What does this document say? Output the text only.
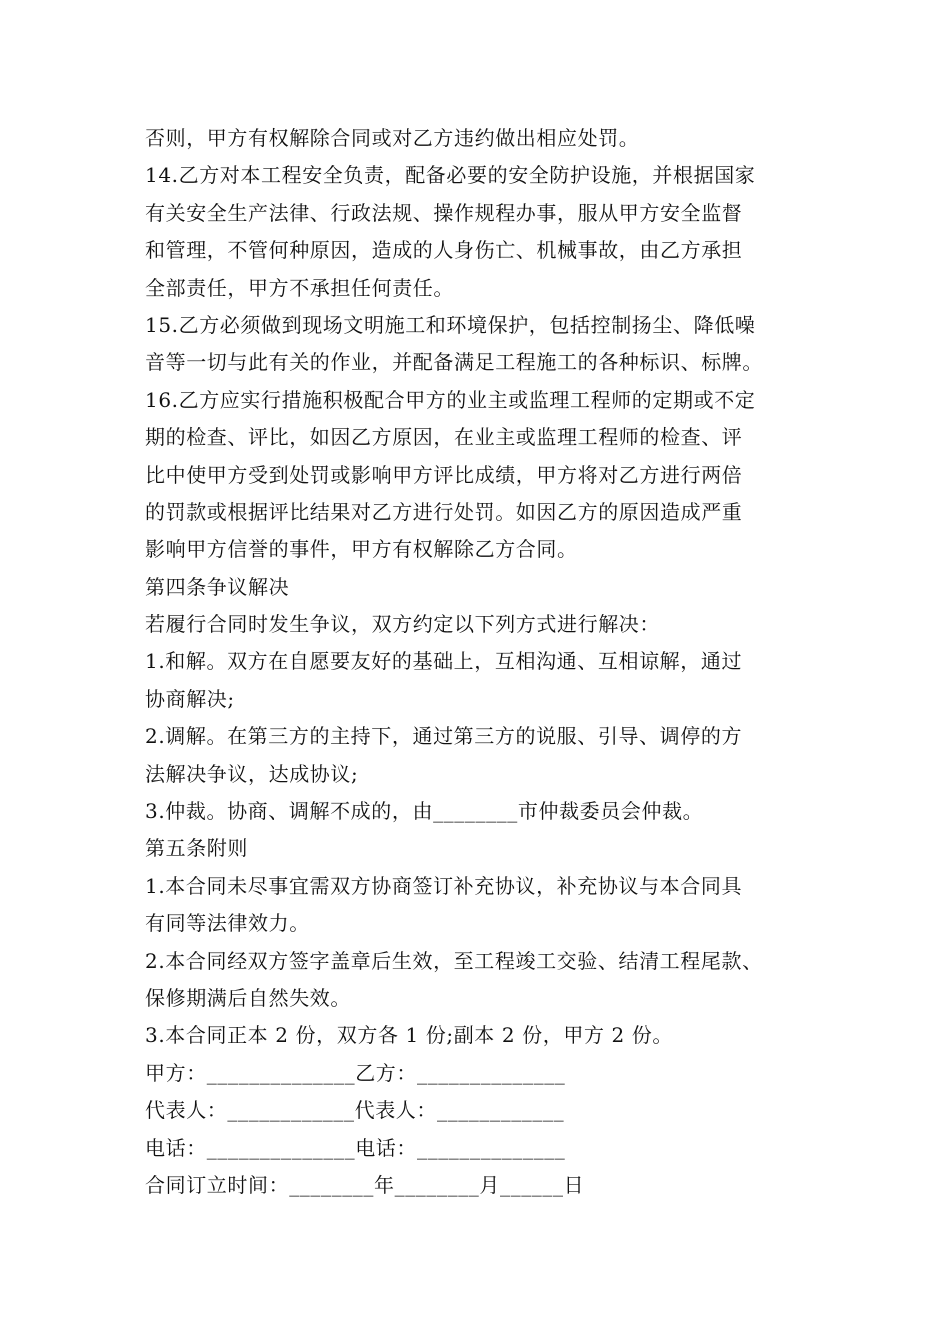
否则，甲方有权解除合同或对乙方违约做出相应处罚。
14.乙方对本工程安全负责，配备必要的安全防护设施，并根据国家
有关安全生产法律、行政法规、操作规程办事，服从甲方安全监督
和管理，不管何种原因，造成的人身伤亡、机械事故，由乙方承担
全部责任，甲方不承担任何责任。
15.乙方必须做到现场文明施工和环境保护，包括控制扬尘、降低噪
音等一切与此有关的作业，并配备满足工程施工的各种标识、标牌。
16.乙方应实行措施积极配合甲方的业主或监理工程师的定期或不定
期的检查、评比，如因乙方原因，在业主或监理工程师的检查、评
比中使甲方受到处罚或影响甲方评比成绩，甲方将对乙方进行两倍
的罚款或根据评比结果对乙方进行处罚。如因乙方的原因造成严重
影响甲方信誉的事件，甲方有权解除乙方合同。
第四条争议解决
若履行合同时发生争议，双方约定以下列方式进行解决：
1.和解。双方在自愿要友好的基础上，互相沟通、互相谅解，通过
协商解决;
2.调解。在第三方的主持下，通过第三方的说服、引导、调停的方
法解决争议，达成协议;
3.仲裁。协商、调解不成的，由________市仲裁委员会仲裁。
第五条附则
1.本合同未尽事宜需双方协商签订补充协议，补充协议与本合同具
有同等法律效力。
2.本合同经双方签字盖章后生效，至工程竣工交验、结清工程尾款、
保修期满后自然失效。
3.本合同正本 2 份，双方各 1 份;副本 2 份，甲方 2 份。
甲方：______________乙方：______________
代表人：____________代表人：____________
电话：______________电话：______________
合同订立时间：________年________月______日
